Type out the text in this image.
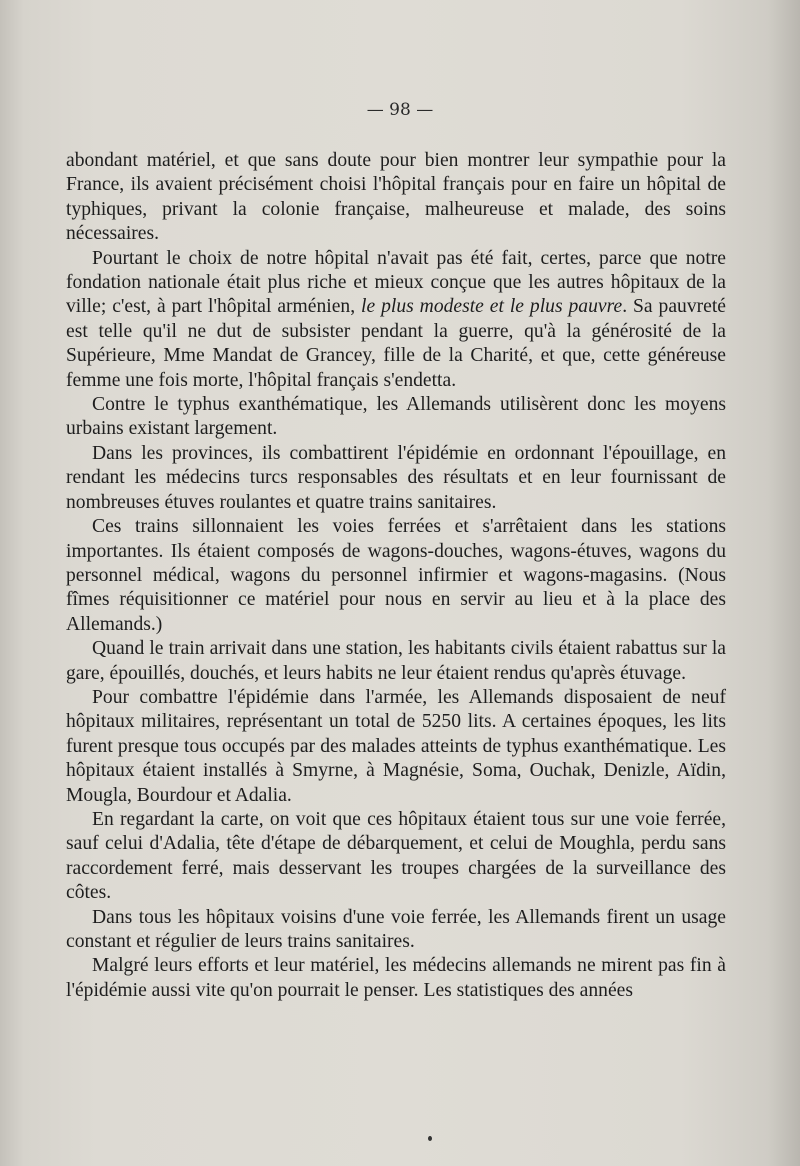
— 98 —

abondant matériel, et que sans doute pour bien montrer leur sympathie pour la France, ils avaient précisément choisi l'hôpital français pour en faire un hôpital de typhiques, privant la colonie française, malheureuse et malade, des soins nécessaires.

Pourtant le choix de notre hôpital n'avait pas été fait, certes, parce que notre fondation nationale était plus riche et mieux conçue que les autres hôpitaux de la ville; c'est, à part l'hôpital arménien, le plus modeste et le plus pauvre. Sa pauvreté est telle qu'il ne dut de subsister pendant la guerre, qu'à la générosité de la Supérieure, Mme Mandat de Grancey, fille de la Charité, et que, cette généreuse femme une fois morte, l'hôpital français s'endetta.

Contre le typhus exanthématique, les Allemands utilisèrent donc les moyens urbains existant largement.

Dans les provinces, ils combattirent l'épidémie en ordonnant l'épouillage, en rendant les médecins turcs responsables des résultats et en leur fournissant de nombreuses étuves roulantes et quatre trains sanitaires.

Ces trains sillonnaient les voies ferrées et s'arrêtaient dans les stations importantes. Ils étaient composés de wagons-douches, wagons-étuves, wagons du personnel médical, wagons du personnel infirmier et wagons-magasins. (Nous fîmes réquisitionner ce matériel pour nous en servir au lieu et à la place des Allemands.)

Quand le train arrivait dans une station, les habitants civils étaient rabattus sur la gare, épouillés, douchés, et leurs habits ne leur étaient rendus qu'après étuvage.

Pour combattre l'épidémie dans l'armée, les Allemands disposaient de neuf hôpitaux militaires, représentant un total de 5250 lits. A certaines époques, les lits furent presque tous occupés par des malades atteints de typhus exanthématique. Les hôpitaux étaient installés à Smyrne, à Magnésie, Soma, Ouchak, Denizle, Aïdin, Mougla, Bourdour et Adalia.

En regardant la carte, on voit que ces hôpitaux étaient tous sur une voie ferrée, sauf celui d'Adalia, tête d'étape de débarquement, et celui de Moughla, perdu sans raccordement ferré, mais desservant les troupes chargées de la surveillance des côtes.

Dans tous les hôpitaux voisins d'une voie ferrée, les Allemands firent un usage constant et régulier de leurs trains sanitaires.

Malgré leurs efforts et leur matériel, les médecins allemands ne mirent pas fin à l'épidémie aussi vite qu'on pourrait le penser. Les statistiques des années
